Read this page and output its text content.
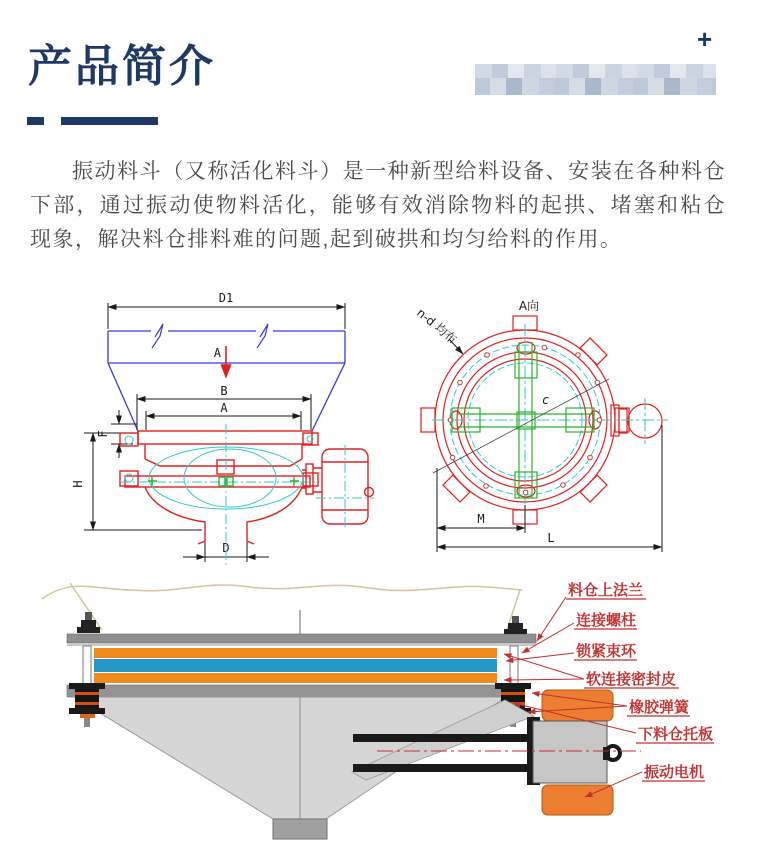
产品简介
+
振动料斗（又称活化料斗）是一种新型给料设备、安装在各种料仓下部，通过振动使物料活化，能够有效消除物料的起拱、堵塞和粘仓现象，解决料仓排料难的问题,起到破拱和均匀给料的作用。
D1
B
A
F
H
D
A
A向
n-d 均布
c
M
L
料仓上法兰
连接螺柱
锁紧束环
软连接密封皮
橡胶弹簧
下料仓托板
振动电机
